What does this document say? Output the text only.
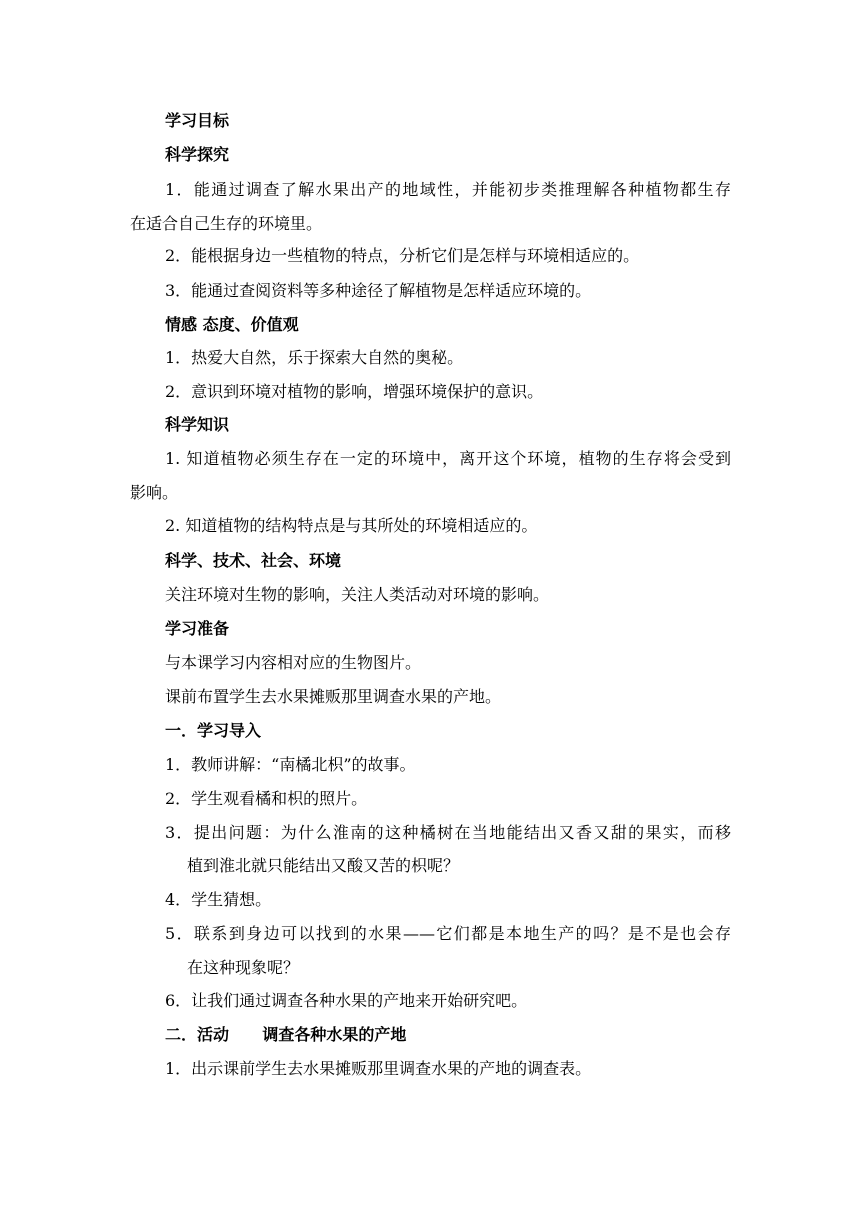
学习目标
科学探究
1．能通过调查了解水果出产的地域性，并能初步类推理解各种植物都生存
在适合自己生存的环境里。
2．能根据身边一些植物的特点，分析它们是怎样与环境相适应的。
3．能通过查阅资料等多种途径了解植物是怎样适应环境的。
情感 态度、价值观
1．热爱大自然，乐于探索大自然的奥秘。
2．意识到环境对植物的影响，增强环境保护的意识。
科学知识
1. 知道植物必须生存在一定的环境中，离开这个环境，植物的生存将会受到
影响。
2. 知道植物的结构特点是与其所处的环境相适应的。
科学、技术、社会、环境
关注环境对生物的影响，关注人类活动对环境的影响。
学习准备
与本课学习内容相对应的生物图片。
课前布置学生去水果摊贩那里调查水果的产地。
一．学习导入
1．教师讲解：“南橘北枳”的故事。
2．学生观看橘和枳的照片。
3．提出问题：为什么淮南的这种橘树在当地能结出又香又甜的果实，而移
植到淮北就只能结出又酸又苦的枳呢？
4．学生猜想。
5．联系到身边可以找到的水果——它们都是本地生产的吗？是不是也会存
在这种现象呢？
6．让我们通过调查各种水果的产地来开始研究吧。
二．活动      调查各种水果的产地
1．出示课前学生去水果摊贩那里调查水果的产地的调查表。
